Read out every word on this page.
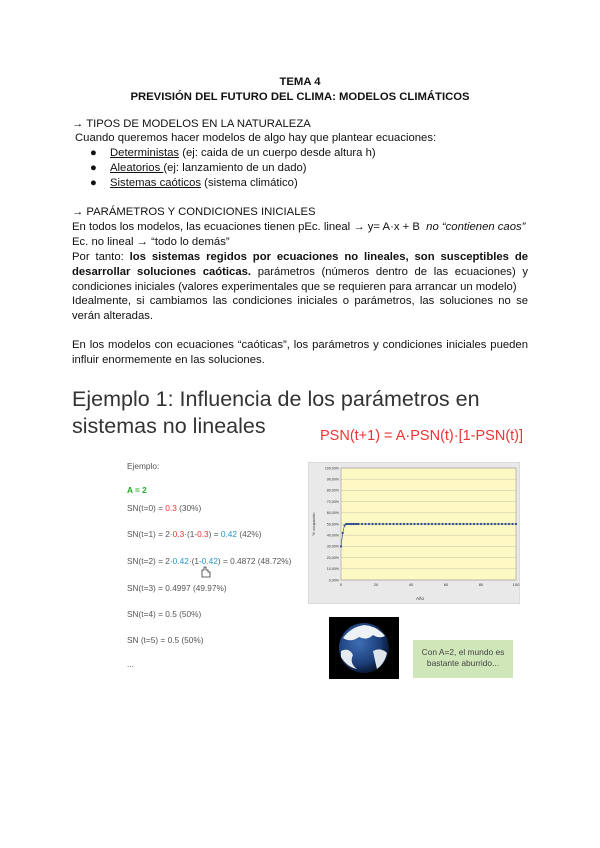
TEMA 4
PREVISIÓN DEL FUTURO DEL CLIMA: MODELOS CLIMÁTICOS
→ TIPOS DE MODELOS EN LA NATURALEZA
Cuando queremos hacer modelos de algo hay que plantear ecuaciones:
● Deterministas (ej: caida de un cuerpo desde altura h)
● Aleatorios (ej: lanzamiento de un dado)
● Sistemas caóticos (sistema climático)
→ PARÁMETROS Y CONDICIONES INICIALES
En todos los modelos, las ecuaciones tienen pEc. lineal → y= A·x + B no “contienen caos”
Ec. no lineal → “todo lo demás”
Por tanto: los sistemas regidos por ecuaciones no lineales, son susceptibles de desarrollar soluciones caóticas. parámetros (números dentro de las ecuaciones) y condiciones iniciales (valores experimentales que se requieren para arrancar un modelo)
Idealmente, si cambiamos las condiciones iniciales o parámetros, las soluciones no se verán alteradas.
En los modelos con ecuaciones “caóticas”, los parámetros y condiciones iniciales pueden influir enormemente en las soluciones.
Ejemplo 1: Influencia de los parámetros en
sistemas no lineales	PSN(t+1) = A·PSN(t)·[1-PSN(t)]
Ejemplo:
A = 2
SN(t=0) = 0.3 (30%)
SN(t=1) = 2·0.3·(1-0.3) = 0.42 (42%)
SN(t=2) = 2·0.42·(1-0.42) = 0.4872 (48.72%)
SN(t=3) = 0.4997 (49.97%)
SN(t=4) = 0.5 (50%)
SN (t=5) = 0.5 (50%)
...
0,00%
10,00%
20,00%
30,00%
40,00%
50,00%
60,00%
70,00%
80,00%
90,00%
100,00%
0	20	40	60	80	100
Año
% ocupación
Con A=2, el mundo es bastante aburrido...
